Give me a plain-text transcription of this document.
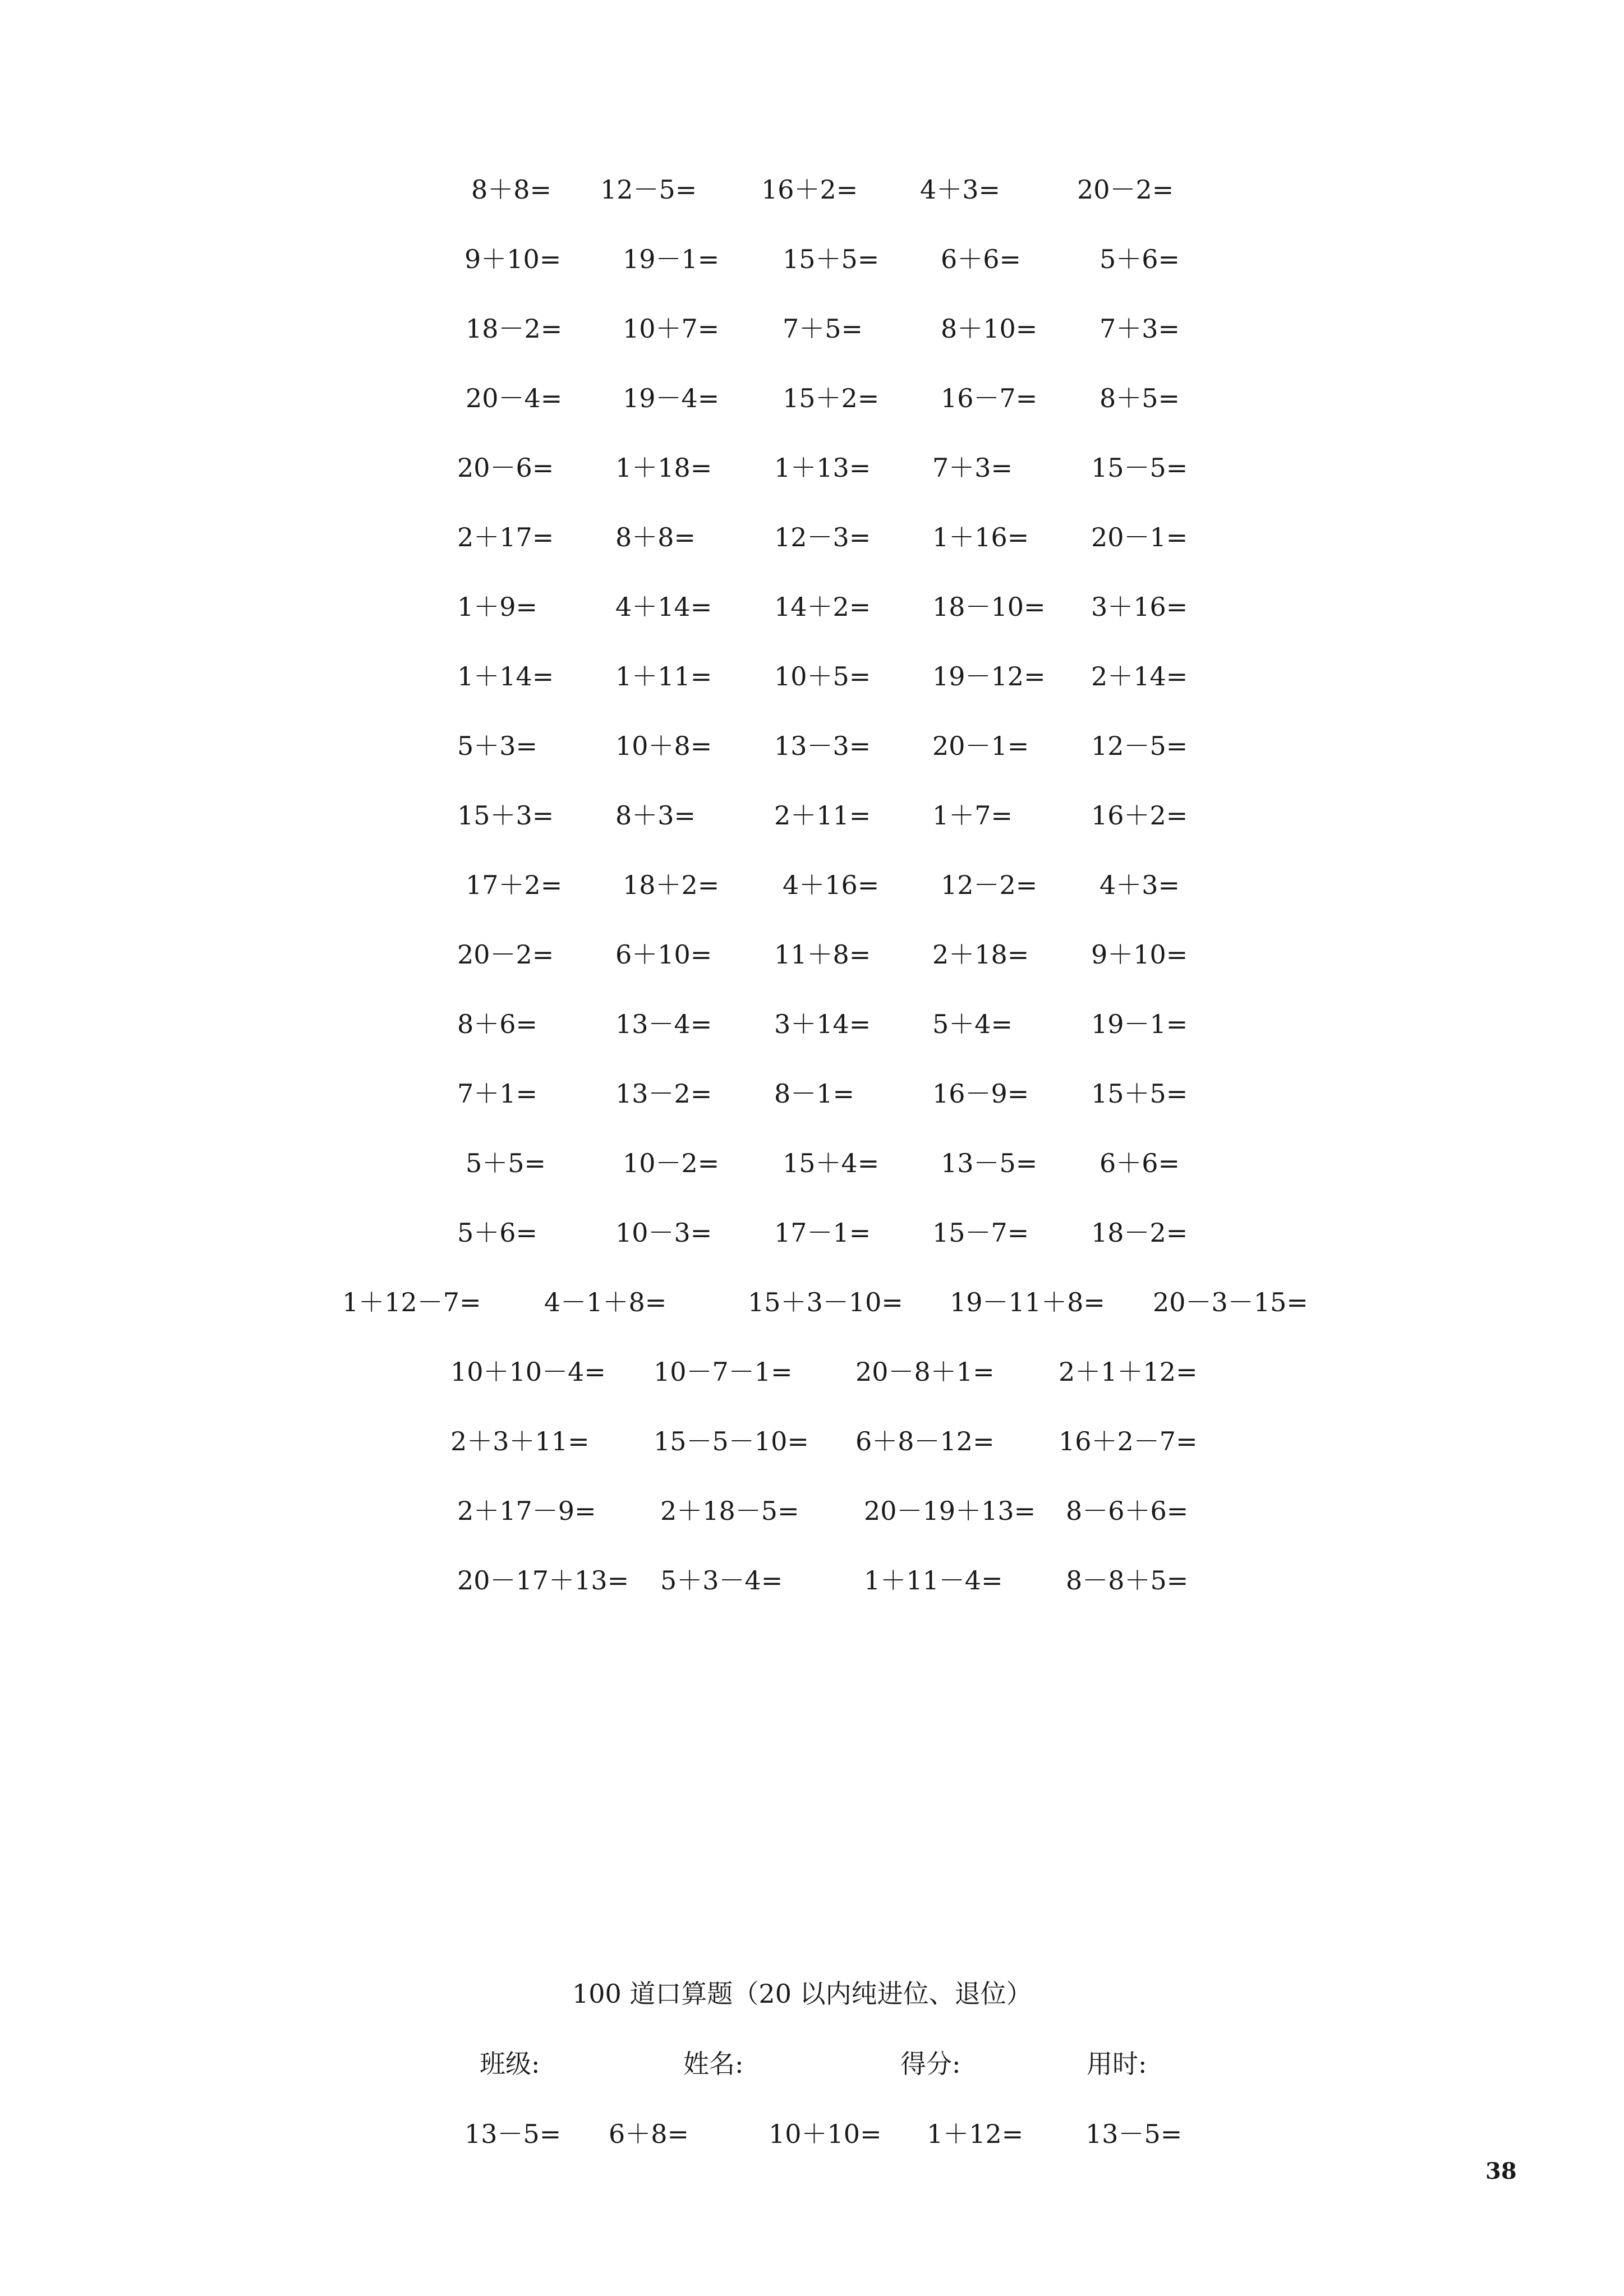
8＋8= 12－5= 16＋2= 4＋3=	20－2=
9＋10= 19－1= 15＋5= 6＋6=	5＋6=
18－2= 10＋7= 7＋5=	8＋10= 7＋3=
20－4= 19－4= 15＋2= 16－7= 8＋5=
20－6= 1＋18= 1＋13= 7＋3=	15－5=
2＋17= 8＋8=	12－3= 1＋16= 20－1=
1＋9=	4＋14= 14＋2= 18－10= 3＋16=
1＋14= 1＋11= 10＋5= 19－12= 2＋14=
5＋3=	10＋8= 13－3= 20－1= 12－5=
15＋3= 8＋3=	2＋11= 1＋7=	16＋2=
17＋2= 18＋2= 4＋16= 12－2= 4＋3=
20－2= 6＋10= 11＋8= 2＋18= 9＋10=
8＋6=	13－4= 3＋14= 5＋4=	19－1=
7＋1=	13－2= 8－1=	16－9= 15＋5=
5＋5=	10－2= 15＋4= 13－5= 6＋6=
5＋6=	10－3= 17－1= 15－7= 18－2=
1＋12－7= 4－1＋8=	15＋3－10= 19－11＋8= 20－3－15=
10＋10－4= 10－7－1= 20－8＋1= 2＋1＋12=
2＋3＋11= 15－5－10= 6＋8－12= 16＋2－7=
2＋17－9= 2＋18－5=	20－19＋13= 8－6＋6=
20－17＋13= 5＋3－4=	1＋11－4= 8－8＋5=
100 道口算题（20 以内纯进位、退位）
班级:	姓名:	得分:	用时:
13－5= 6＋8=	10＋10= 1＋12= 13－5=
38
